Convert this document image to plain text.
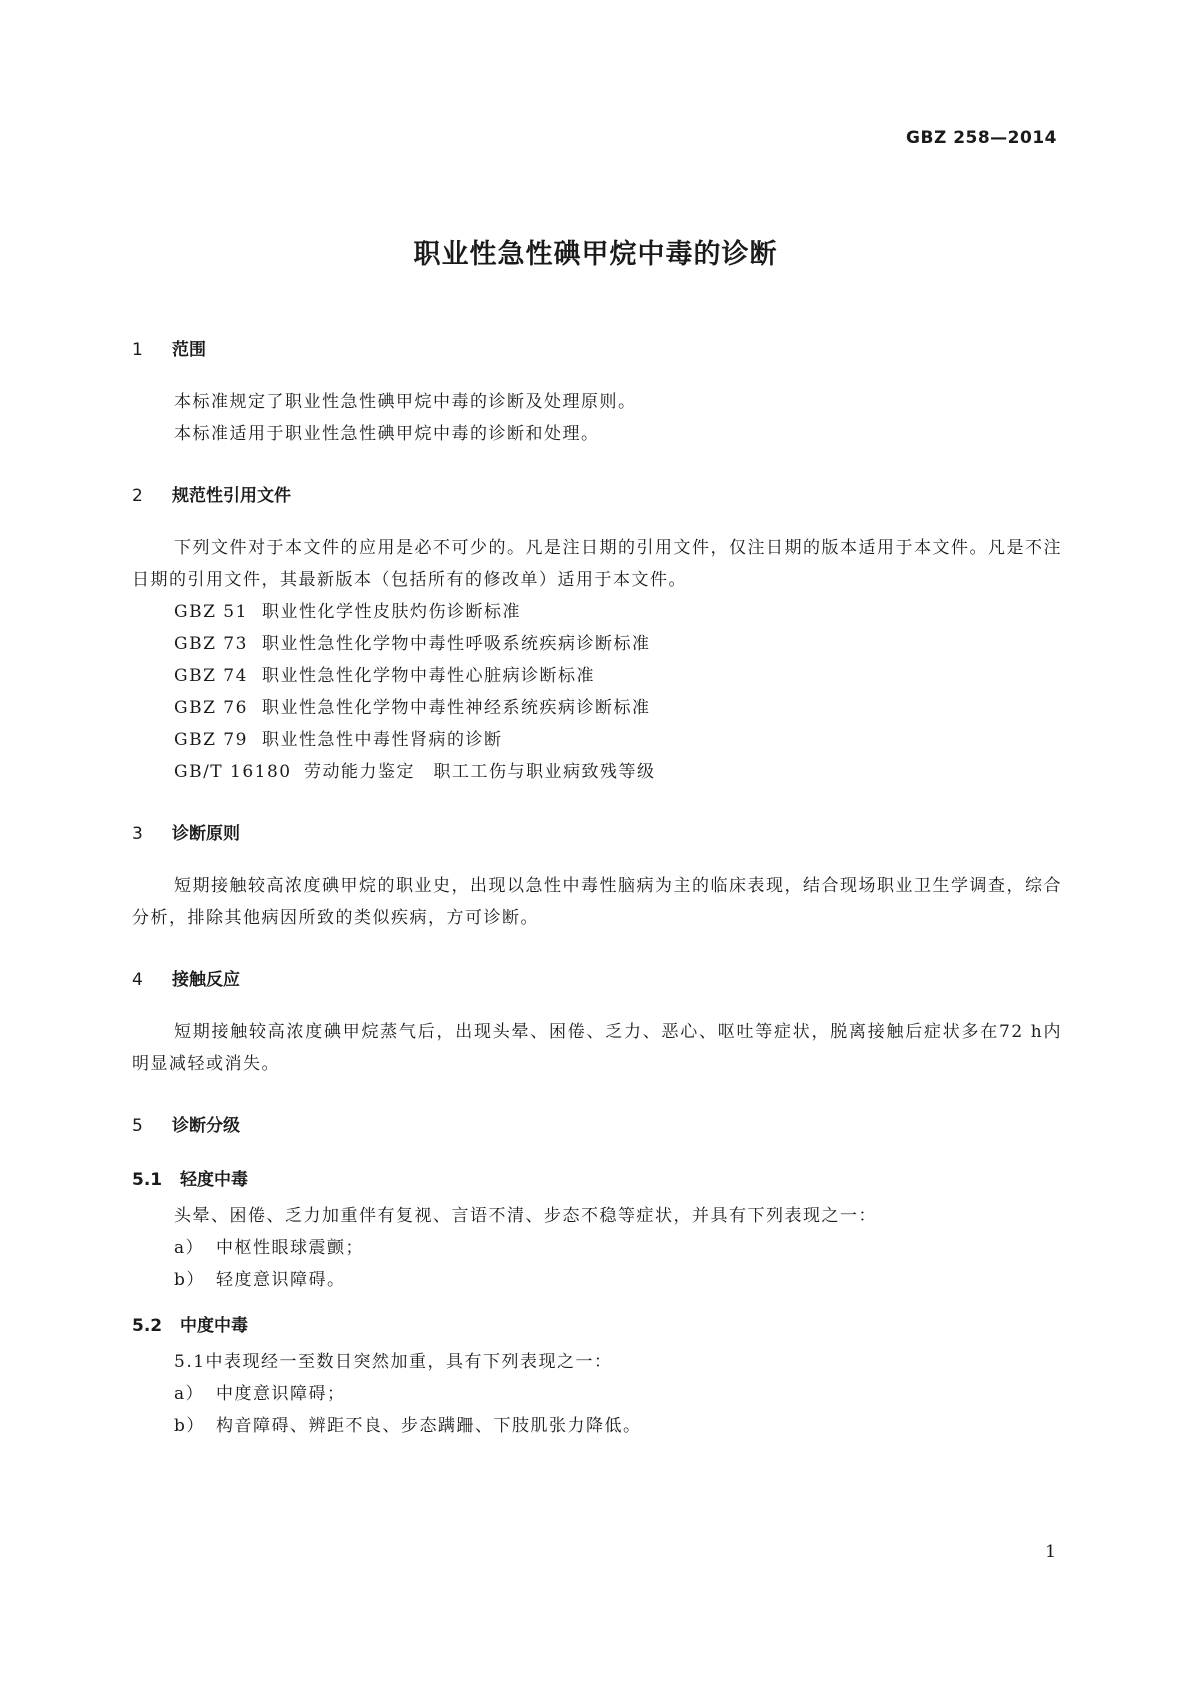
GBZ 258—2014
职业性急性碘甲烷中毒的诊断
1 范围
本标准规定了职业性急性碘甲烷中毒的诊断及处理原则。
本标准适用于职业性急性碘甲烷中毒的诊断和处理。
2 规范性引用文件
下列文件对于本文件的应用是必不可少的。凡是注日期的引用文件，仅注日期的版本适用于本文件。凡是不注日期的引用文件，其最新版本（包括所有的修改单）适用于本文件。
GBZ 51 职业性化学性皮肤灼伤诊断标准
GBZ 73 职业性急性化学物中毒性呼吸系统疾病诊断标准
GBZ 74 职业性急性化学物中毒性心脏病诊断标准
GBZ 76 职业性急性化学物中毒性神经系统疾病诊断标准
GBZ 79 职业性急性中毒性肾病的诊断
GB/T 16180 劳动能力鉴定　职工工伤与职业病致残等级
3 诊断原则
短期接触较高浓度碘甲烷的职业史，出现以急性中毒性脑病为主的临床表现，结合现场职业卫生学调查，综合分析，排除其他病因所致的类似疾病，方可诊断。
4 接触反应
短期接触较高浓度碘甲烷蒸气后，出现头晕、困倦、乏力、恶心、呕吐等症状，脱离接触后症状多在72 h内明显减轻或消失。
5 诊断分级
5.1 轻度中毒
头晕、困倦、乏力加重伴有复视、言语不清、步态不稳等症状，并具有下列表现之一：
a） 中枢性眼球震颤；
b） 轻度意识障碍。
5.2 中度中毒
5.1中表现经一至数日突然加重，具有下列表现之一：
a） 中度意识障碍；
b） 构音障碍、辨距不良、步态蹒跚、下肢肌张力降低。
1
